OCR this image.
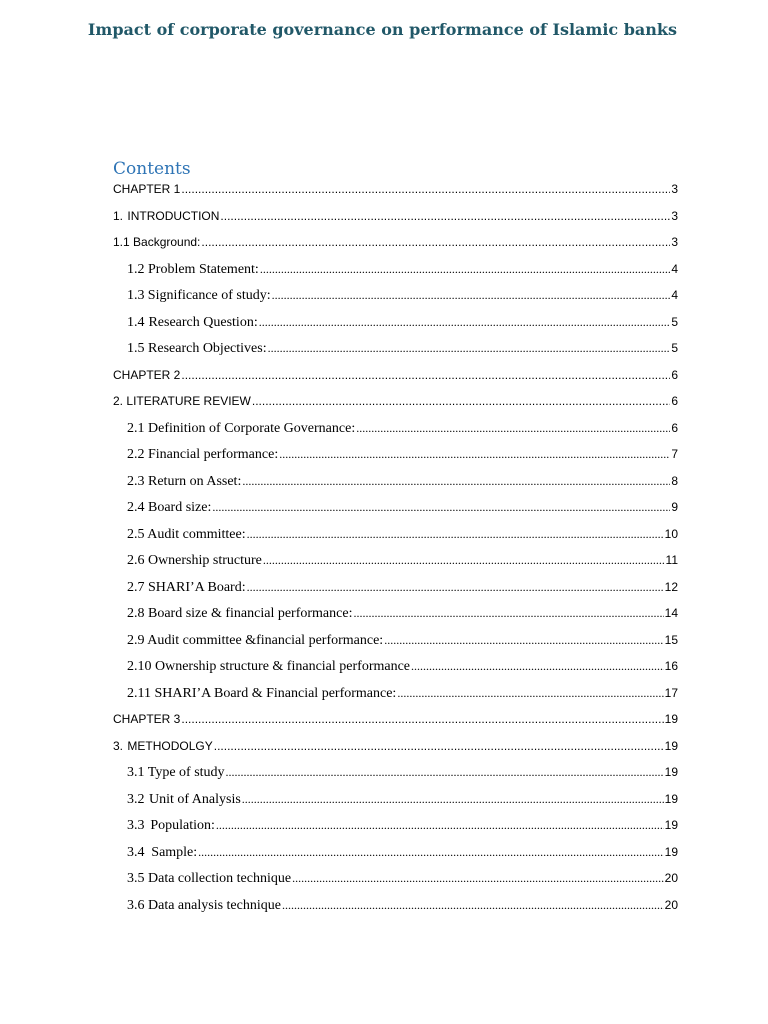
Impact of corporate governance on performance of Islamic banks
Contents
CHAPTER 1 .....	3
1. INTRODUCTION .....	3
1.1 Background: .....	3
1.2 Problem Statement: .....	4
1.3 Significance of study: .....	4
1.4 Research Question: .....	5
1.5 Research Objectives: .....	5
CHAPTER 2 .....	6
2. LITERATURE REVIEW .....	6
2.1 Definition of Corporate Governance: .....	6
2.2 Financial performance: .....	7
2.3 Return on Asset: .....	8
2.4 Board size: .....	9
2.5 Audit committee: .....	10
2.6 Ownership structure .....	11
2.7 SHARI’A Board: .....	12
2.8 Board size & financial performance: .....	14
2.9 Audit committee &financial performance: .....	15
2.10 Ownership structure & financial performance .....	16
2.11 SHARI’A Board & Financial performance: .....	17
CHAPTER 3 .....	19
3. METHODOLGY .....	19
3.1 Type of study .....	19
3.2 Unit of Analysis .....	19
3.3 Population: .....	19
3.4 Sample: .....	19
3.5 Data collection technique .....	20
3.6 Data analysis technique .....	20
